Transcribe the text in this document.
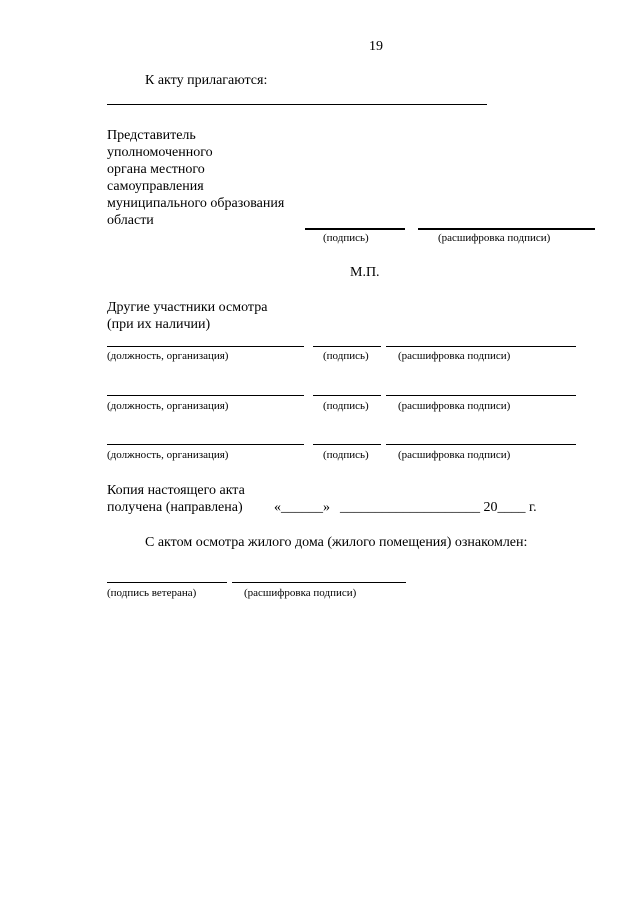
19
К акту прилагаются:
Представитель
уполномоченного
органа местного
самоуправления
муниципального образования
области
(подпись)	(расшифровка подписи)
М.П.
Другие участники осмотра
(при их наличии)
(должность, организация)	(подпись)	(расшифровка подписи)
(должность, организация)	(подпись)	(расшифровка подписи)
(должность, организация)	(подпись)	(расшифровка подписи)
Копия настоящего акта
получена (направлена) «______» ____________________ 20____ г.
С актом осмотра жилого дома (жилого помещения) ознакомлен:
(подпись ветерана)	(расшифровка подписи)
